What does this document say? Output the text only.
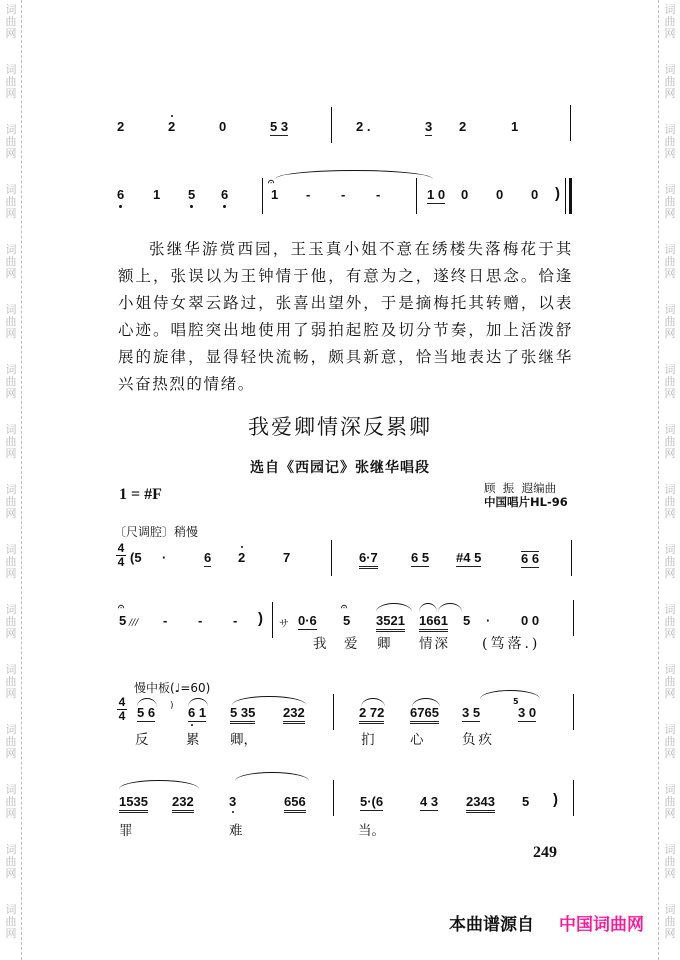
词
曲
网
词
曲
网
词
曲
网
词
曲
网
词
曲
网
词
曲
网
词
曲
网
词
曲
网
词
曲
网
词
曲
网
词
曲
网
词
曲
网
词
曲
网
词
曲
网
词
曲
网
词
曲
网
词
曲
网
词
曲
网
词
曲
网
词
曲
网
词
曲
网
词
曲
网
词
曲
网
词
曲
网
词
曲
网
词
曲
网
词
曲
网
词
曲
网
词
曲
网
词
曲
网
词
曲
网
词
曲
网
2	2	0	5 3	2 .	3 2	1
6 1 5 6
𝄐
1 - - -	1 0 0 0 0 )
张继华游赏西园，王玉真小姐不意在绣楼失落梅花于其额上，张误以为王钟情于他，有意为之，遂终日思念。恰逢小姐侍女翠云路过，张喜出望外，于是摘梅托其转赠，以表心迹。唱腔突出地使用了弱拍起腔及切分节奏，加上活泼舒展的旋律，显得轻快流畅，颇具新意，恰当地表达了张继华兴奋热烈的情绪。
我爱卿情深反累卿
选自《西园记》张继华唱段
1 = #F	顾  振  遐编曲
中国唱片HL-96
〔尺调腔〕稍慢
4
4 (5 ·	6 2	7	6·7	6 5 #4 5	6 6
𝄐
5 /// - - - ) サ 0·6
𝄐
5 3521 1661 5 · 0 0
我 爱 卿 情深 (笃落.)
慢中板(♩=60)
4
4 5 6 ) 6 1 5 35 232	2 72 6765 3 5
5
3 0
反	累 卿，	扪	心	负疚
1535 232	3	656	5·(6	4 3 2343 5 )
罪	难	当。
249
本曲谱源自 中国词曲网
